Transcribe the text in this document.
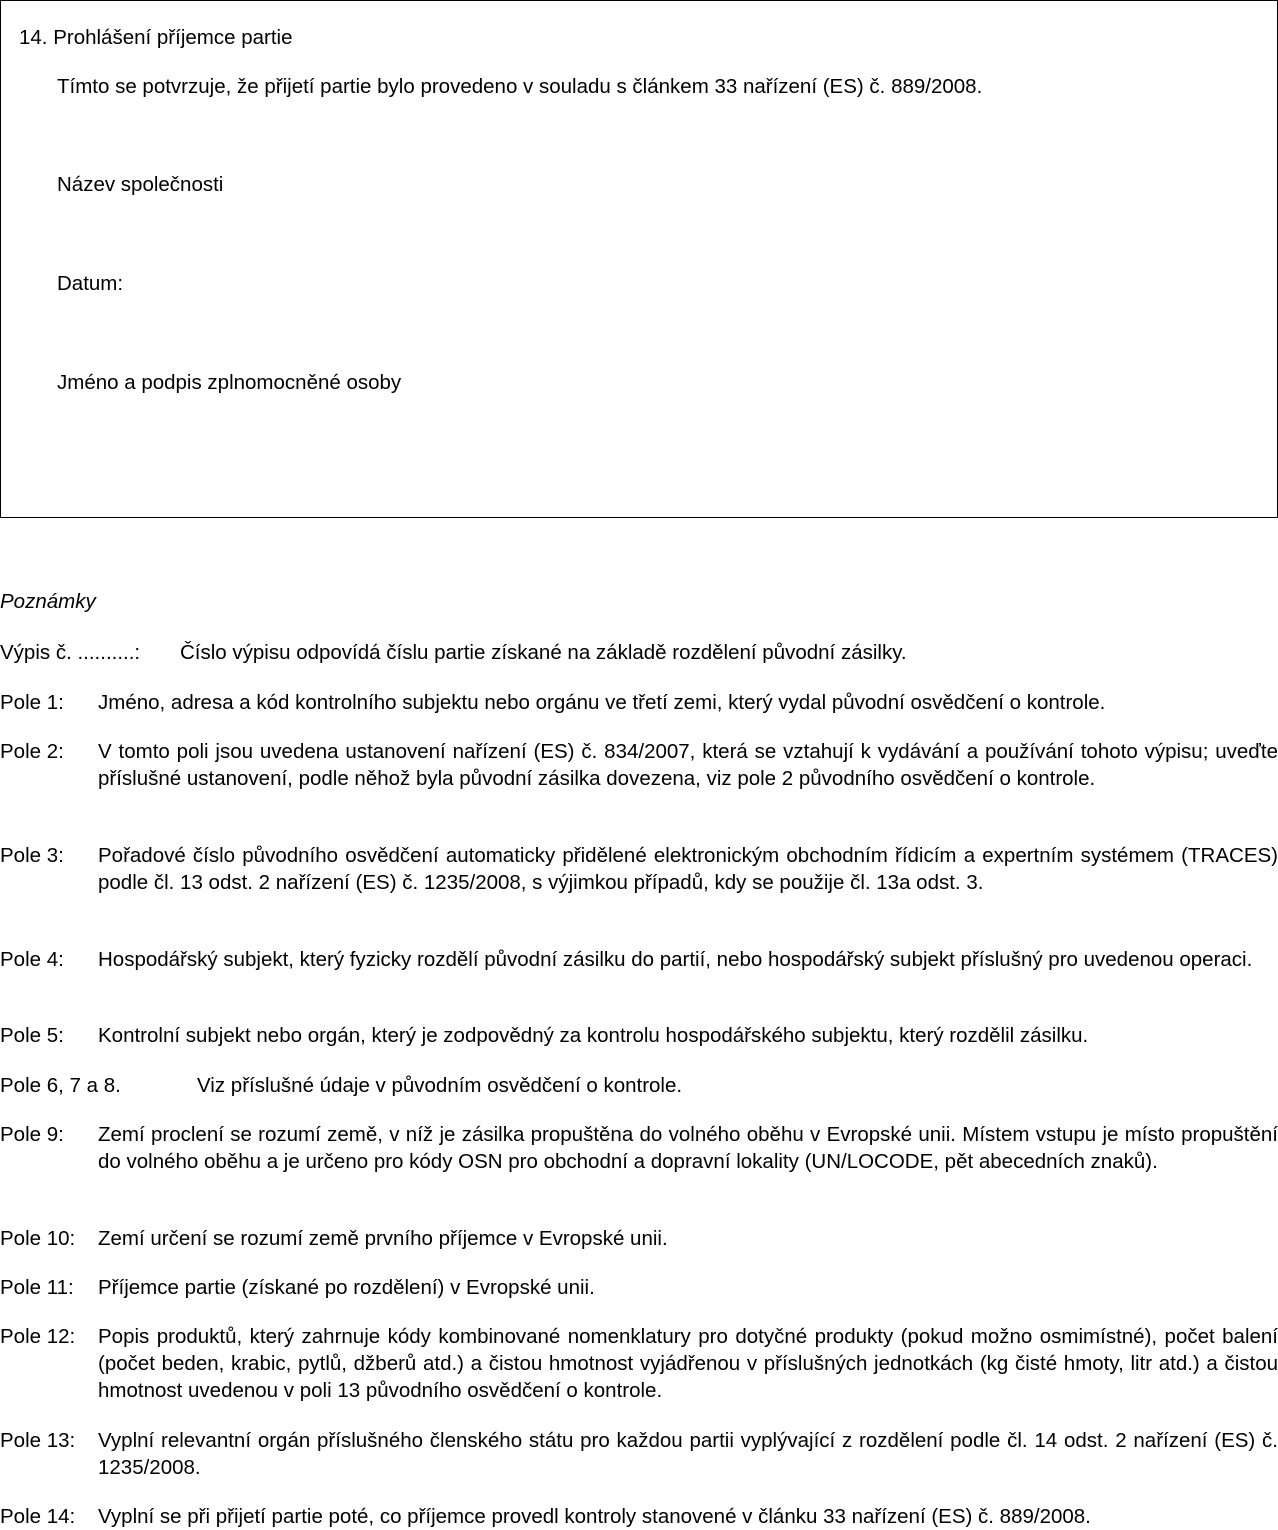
14. Prohlášení příjemce partie
Tímto se potvrzuje, že přijetí partie bylo provedeno v souladu s článkem 33 nařízení (ES) č. 889/2008.
Název společnosti
Datum:
Jméno a podpis zplnomocněné osoby
Poznámky
Výpis č. ..........: Číslo výpisu odpovídá číslu partie získané na základě rozdělení původní zásilky.
Pole 1: Jméno, adresa a kód kontrolního subjektu nebo orgánu ve třetí zemi, který vydal původní osvědčení o kontrole.
Pole 2: V tomto poli jsou uvedena ustanovení nařízení (ES) č. 834/2007, která se vztahují k vydávání a používání tohoto výpisu; uveďte příslušné ustanovení, podle něhož byla původní zásilka dovezena, viz pole 2 původního osvědčení o kontrole.
Pole 3: Pořadové číslo původního osvědčení automaticky přidělené elektronickým obchodním řídicím a expertním systémem (TRACES) podle čl. 13 odst. 2 nařízení (ES) č. 1235/2008, s výjimkou případů, kdy se použije čl. 13a odst. 3.
Pole 4: Hospodářský subjekt, který fyzicky rozdělí původní zásilku do partií, nebo hospodářský subjekt příslušný pro uvedenou operaci.
Pole 5: Kontrolní subjekt nebo orgán, který je zodpovědný za kontrolu hospodářského subjektu, který rozdělil zásilku.
Pole 6, 7 a 8.	Viz příslušné údaje v původním osvědčení o kontrole.
Pole 9: Zemí proclení se rozumí země, v níž je zásilka propuštěna do volného oběhu v Evropské unii. Místem vstupu je místo propuštění do volného oběhu a je určeno pro kódy OSN pro obchodní a dopravní lokality (UN/LOCODE, pět abecedních znaků).
Pole 10: Zemí určení se rozumí země prvního příjemce v Evropské unii.
Pole 11: Příjemce partie (získané po rozdělení) v Evropské unii.
Pole 12: Popis produktů, který zahrnuje kódy kombinované nomenklatury pro dotyčné produkty (pokud možno osmimístné), počet balení (počet beden, krabic, pytlů, džberů atd.) a čistou hmotnost vyjádřenou v příslušných jednotkách (kg čisté hmoty, litr atd.) a čistou hmotnost uvedenou v poli 13 původního osvědčení o kontrole.
Pole 13: Vyplní relevantní orgán příslušného členského státu pro každou partii vyplývající z rozdělení podle čl. 14 odst. 2 nařízení (ES) č. 1235/2008.
Pole 14: Vyplní se při přijetí partie poté, co příjemce provedl kontroly stanovené v článku 33 nařízení (ES) č. 889/2008.
